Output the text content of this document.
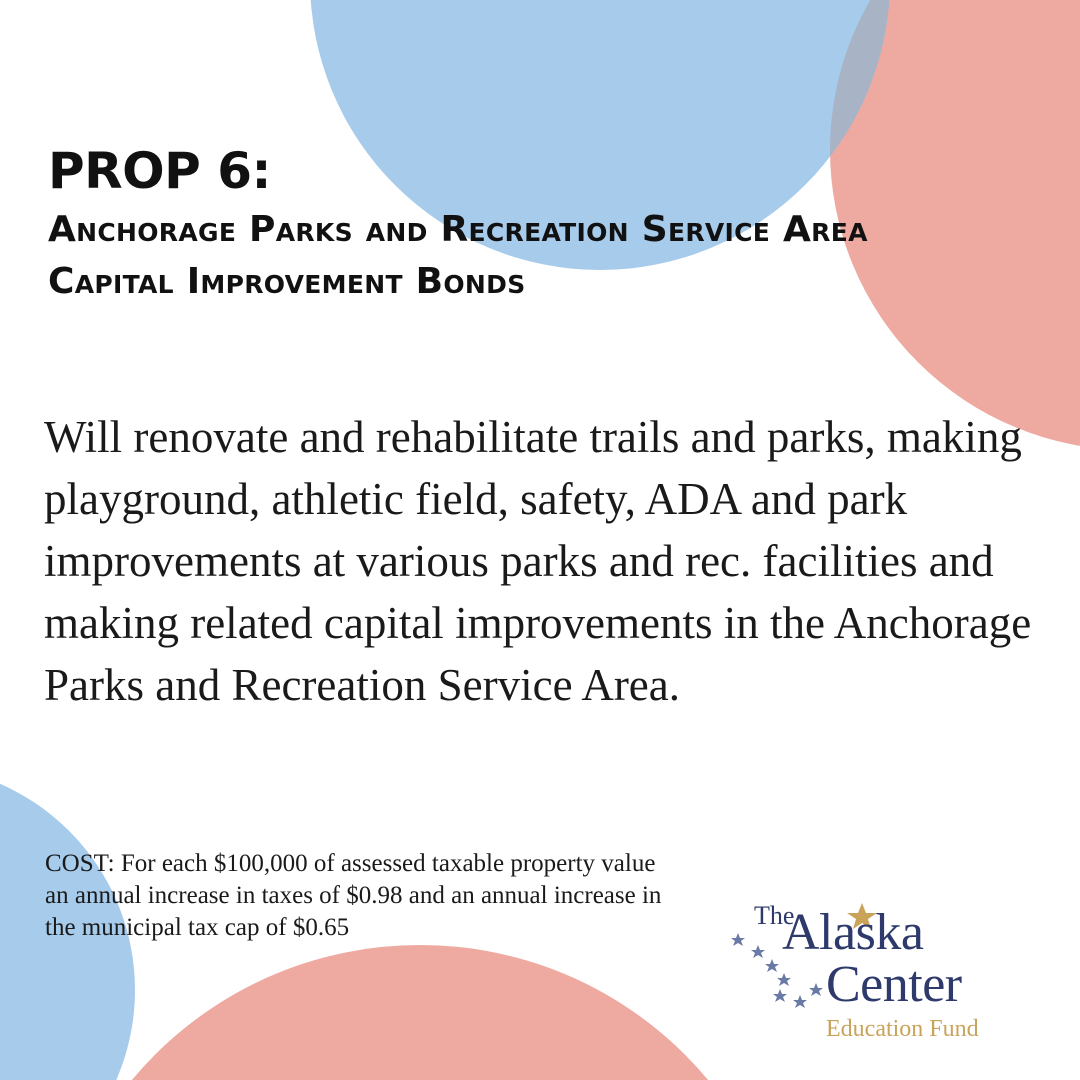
PROP 6:
Anchorage Parks and Recreation Service Area Capital Improvement Bonds

Will renovate and rehabilitate trails and parks, making playground, athletic field, safety, ADA and park improvements at various parks and rec. facilities and making related capital improvements in the Anchorage Parks and Recreation Service Area.

COST: For each $100,000 of assessed taxable property value an annual increase in taxes of $0.98 and an annual increase in the municipal tax cap of $0.65	The
Alaska
Center
Education Fund
